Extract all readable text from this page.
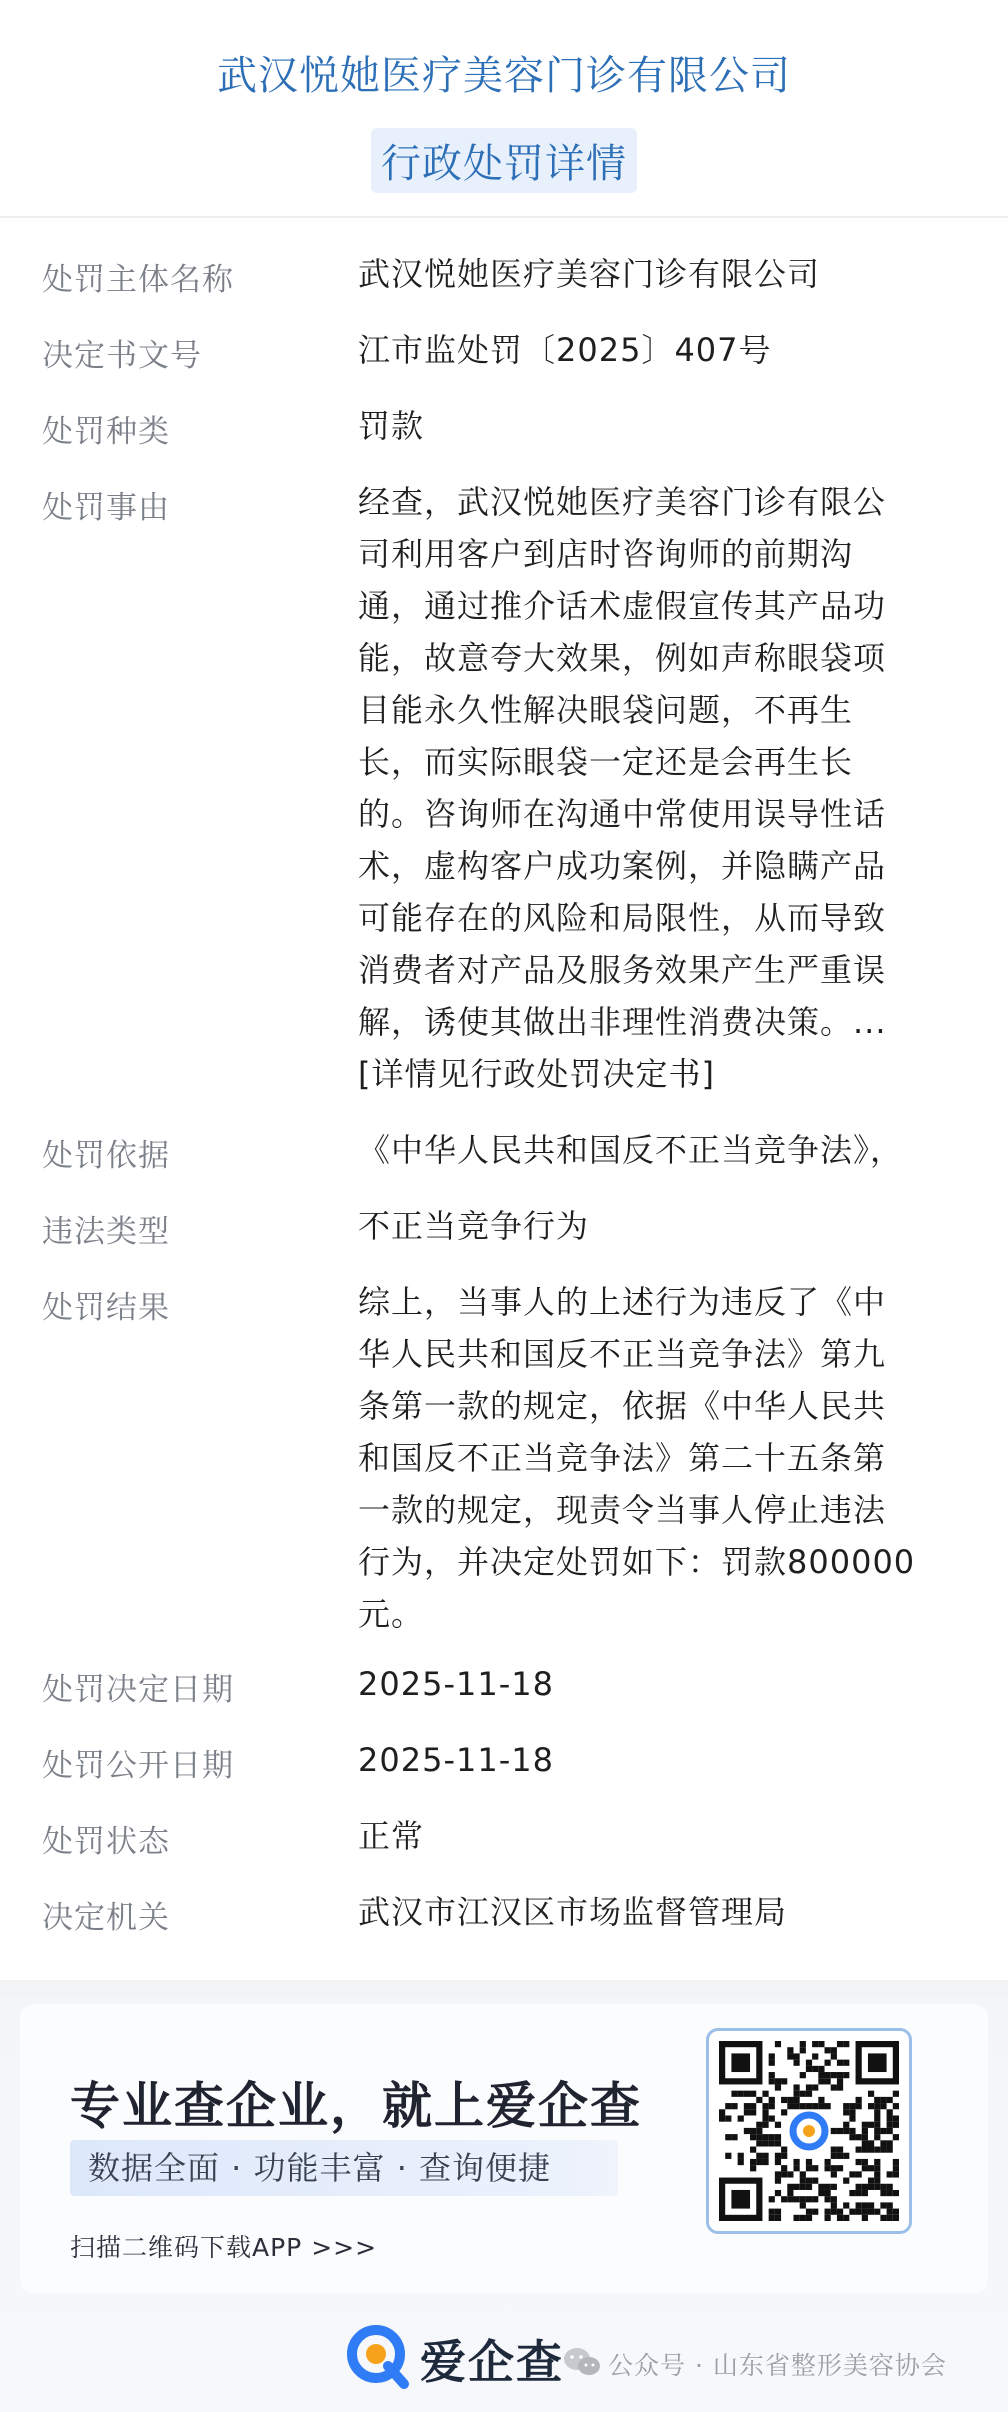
武汉悦她医疗美容门诊有限公司
行政处罚详情
处罚主体名称	武汉悦她医疗美容门诊有限公司
决定书文号	江市监处罚〔2025〕407号
处罚种类	罚款
处罚事由	经查，武汉悦她医疗美容门诊有限公
司利用客户到店时咨询师的前期沟
通，通过推介话术虚假宣传其产品功
能，故意夸大效果，例如声称眼袋项
目能永久性解决眼袋问题，不再生
长，而实际眼袋一定还是会再生长
的。咨询师在沟通中常使用误导性话
术，虚构客户成功案例，并隐瞒产品
可能存在的风险和局限性，从而导致
消费者对产品及服务效果产生严重误
解，诱使其做出非理性消费决策。...
[详情见行政处罚决定书]
处罚依据	《中华人民共和国反不正当竞争法》，
违法类型	不正当竞争行为
处罚结果	综上，当事人的上述行为违反了《中
华人民共和国反不正当竞争法》第九
条第一款的规定，依据《中华人民共
和国反不正当竞争法》第二十五条第
一款的规定，现责令当事人停止违法
行为，并决定处罚如下：罚款800000
元。
处罚决定日期	2025-11-18
处罚公开日期	2025-11-18
处罚状态	正常
决定机关	武汉市江汉区市场监督管理局
专业查企业，就上爱企查
数据全面 · 功能丰富 · 查询便捷
扫描二维码下载APP >>>
爱企查 公众号 · 山东省整形美容协会
